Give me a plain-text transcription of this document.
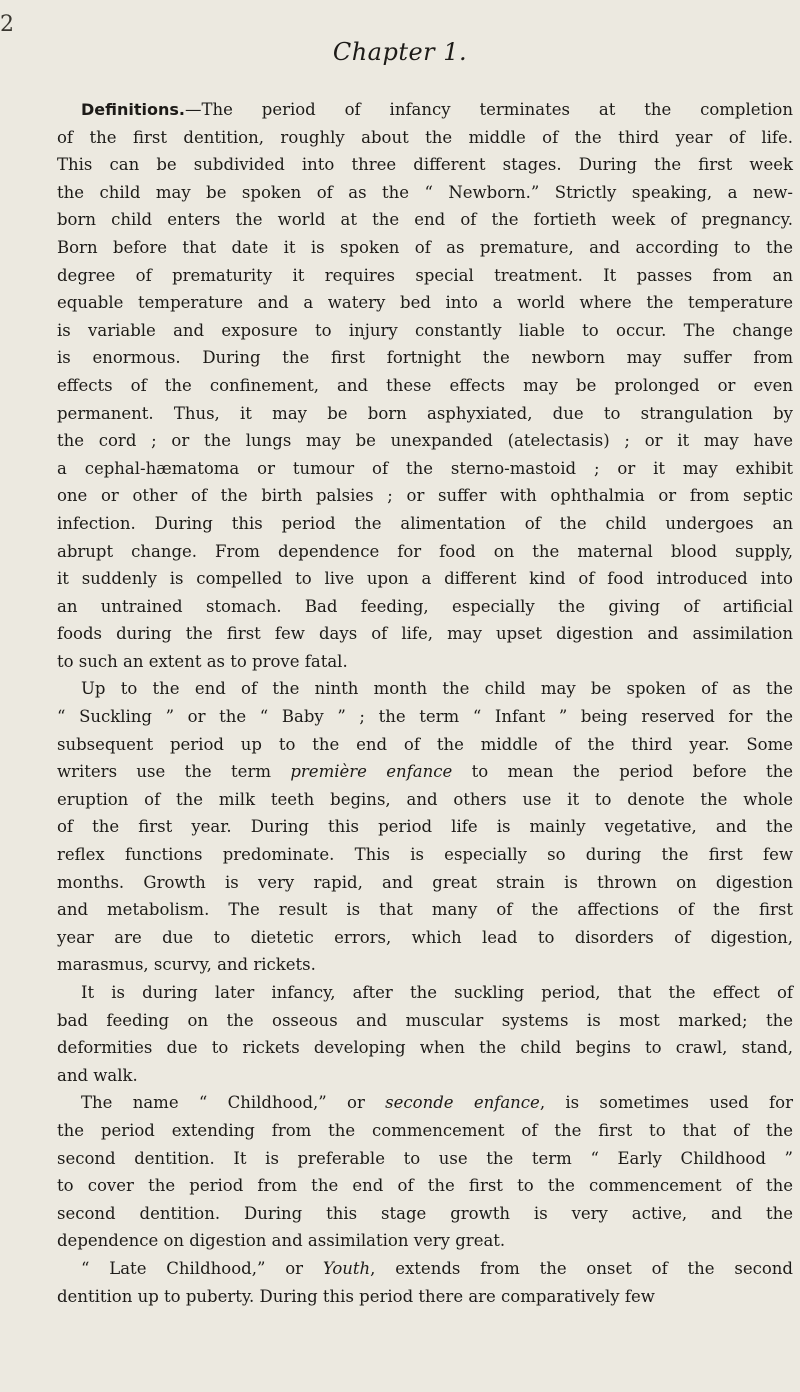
2
Chapter 1.
Definitions.—The period of infancy terminates at the completion
of the first dentition, roughly about the middle of the third year of life.
This can be subdivided into three different stages. During the first week
the child may be spoken of as the “ Newborn.” Strictly speaking, a new-
born child enters the world at the end of the fortieth week of pregnancy.
Born before that date it is spoken of as premature, and according to the
degree of prematurity it requires special treatment. It passes from an
equable temperature and a watery bed into a world where the temperature
is variable and exposure to injury constantly liable to occur. The change
is enormous. During the first fortnight the newborn may suffer from
effects of the confinement, and these effects may be prolonged or even
permanent. Thus, it may be born asphyxiated, due to strangulation by
the cord ; or the lungs may be unexpanded (atelectasis) ; or it may have
a cephal-hæmatoma or tumour of the sterno-mastoid ; or it may exhibit
one or other of the birth palsies ; or suffer with ophthalmia or from septic
infection. During this period the alimentation of the child undergoes an
abrupt change. From dependence for food on the maternal blood supply,
it suddenly is compelled to live upon a different kind of food introduced into
an untrained stomach. Bad feeding, especially the giving of artificial
foods during the first few days of life, may upset digestion and assimilation
to such an extent as to prove fatal.
Up to the end of the ninth month the child may be spoken of as the
“ Suckling ” or the “ Baby ” ; the term “ Infant ” being reserved for the
subsequent period up to the end of the middle of the third year. Some
writers use the term première enfance to mean the period before the
eruption of the milk teeth begins, and others use it to denote the whole
of the first year. During this period life is mainly vegetative, and the
reflex functions predominate. This is especially so during the first few
months. Growth is very rapid, and great strain is thrown on digestion
and metabolism. The result is that many of the affections of the first
year are due to dietetic errors, which lead to disorders of digestion,
marasmus, scurvy, and rickets.
It is during later infancy, after the suckling period, that the effect of
bad feeding on the osseous and muscular systems is most marked; the
deformities due to rickets developing when the child begins to crawl, stand,
and walk.
The name “ Childhood,” or seconde enfance, is sometimes used for
the period extending from the commencement of the first to that of the
second dentition. It is preferable to use the term “ Early Childhood ”
to cover the period from the end of the first to the commencement of the
second dentition. During this stage growth is very active, and the
dependence on digestion and assimilation very great.
“ Late Childhood,” or Youth, extends from the onset of the second
dentition up to puberty. During this period there are comparatively few
